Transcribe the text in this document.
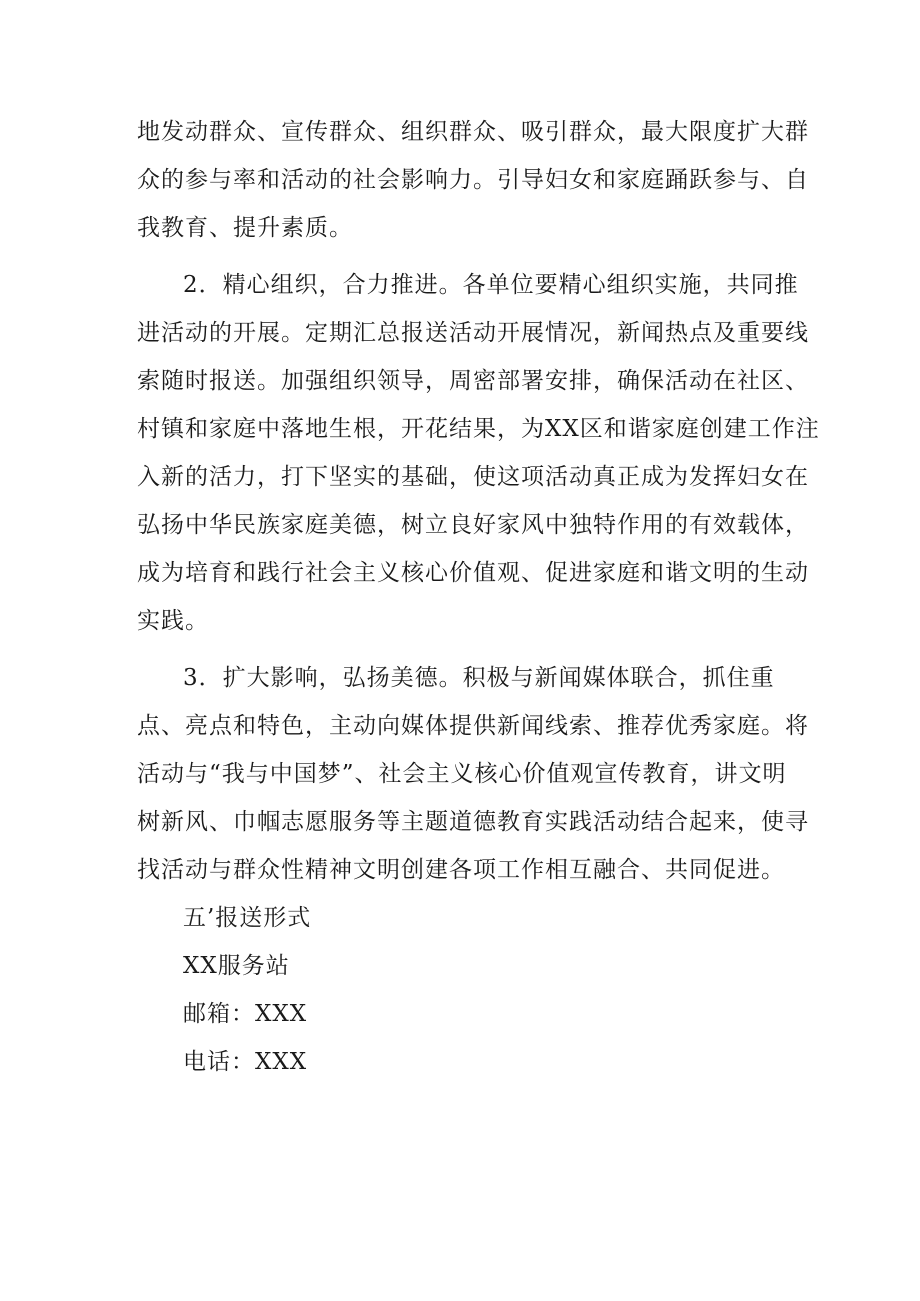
地发动群众、宣传群众、组织群众、吸引群众，最大限度扩大群
众的参与率和活动的社会影响力。引导妇女和家庭踊跃参与、自
我教育、提升素质。
2．精心组织，合力推进。各单位要精心组织实施，共同推
进活动的开展。定期汇总报送活动开展情况，新闻热点及重要线
索随时报送。加强组织领导，周密部署安排，确保活动在社区、
村镇和家庭中落地生根，开花结果，为XX区和谐家庭创建工作注
入新的活力，打下坚实的基础，使这项活动真正成为发挥妇女在
弘扬中华民族家庭美德，树立良好家风中独特作用的有效载体，
成为培育和践行社会主义核心价值观、促进家庭和谐文明的生动
实践。
3．扩大影响，弘扬美德。积极与新闻媒体联合，抓住重
点、亮点和特色，主动向媒体提供新闻线索、推荐优秀家庭。将
活动与“我与中国梦”、社会主义核心价值观宣传教育，讲文明
树新风、巾帼志愿服务等主题道德教育实践活动结合起来，使寻
找活动与群众性精神文明创建各项工作相互融合、共同促进。
五’报送形式
XX服务站
邮箱：XXX
电话：XXX
